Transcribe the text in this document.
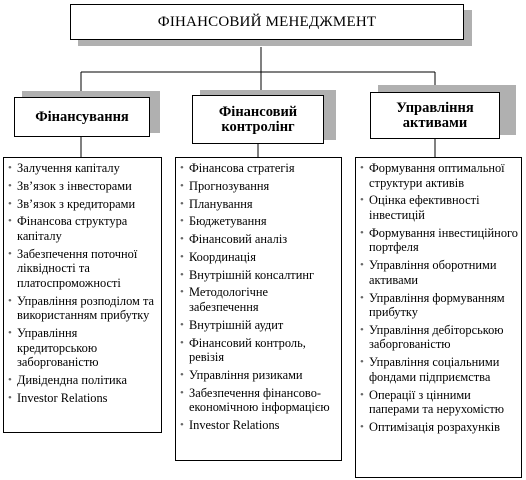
ФІНАНСОВИЙ МЕНЕДЖМЕНТ
Фінансування	Фінансовий контролінг
Управління активами
• Залучення капіталу
• Зв’язок з інвесторами
• Зв’язок з кредиторами
• Фінансова структура капіталу
• Забезпечення поточної ліквідності та платоспроможності
• Управління розподілом та використанням прибутку
• Управління кредиторською заборгованістю
• Дивідендна політика
• Investor Relations
• Фінансова стратегія
• Прогнозування
• Планування
• Бюджетування
• Фінансовий аналіз
• Координація
• Внутрішній консалтинг
• Методологічне забезпечення
• Внутрішній аудит
• Фінансовий контроль, ревізія
• Управління ризиками
• Забезпечення фінансово-економічною інформацією
• Investor Relations
• Формування оптимальної структури активів
• Оцінка ефективності інвестицій
• Формування інвестиційного портфеля
• Управління оборотними активами
• Управління формуванням прибутку
• Управління дебіторською заборгованістю
• Управління соціальними фондами підприємства
• Операції з цінними паперами та нерухомістю
• Оптимізація розрахунків
